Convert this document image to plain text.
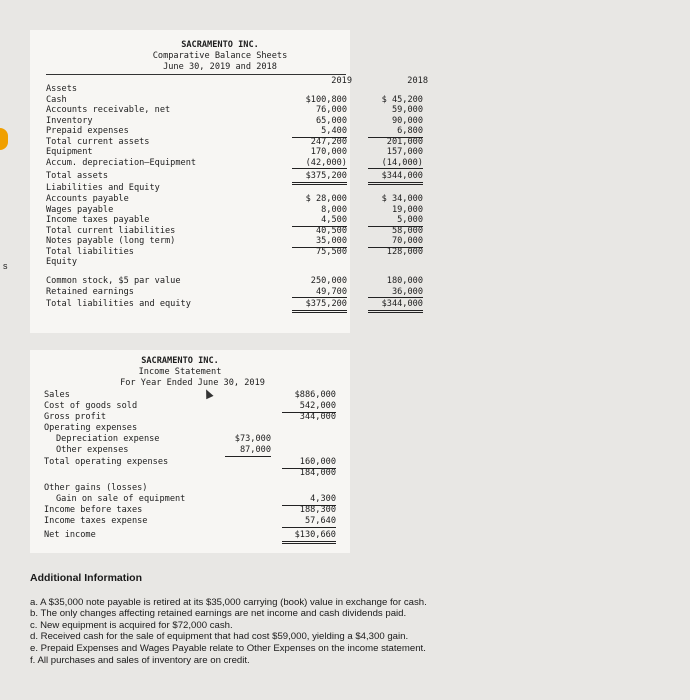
s
SACRAMENTO INC.
Comparative Balance Sheets
June 30, 2019 and 2018
2019	2018
Assets
Cash	$100,800	$ 45,200
Accounts receivable, net	76,000	59,000
Inventory	65,000	90,000
Prepaid expenses	5,400	6,800
Total current assets	247,200	201,000
Equipment	170,000	157,000
Accum. depreciation—Equipment	(42,000)	(14,000)
Total assets	$375,200	$344,000
Liabilities and Equity
Accounts payable	$ 28,000	$ 34,000
Wages payable	8,000	19,000
Income taxes payable	4,500	5,000
Total current liabilities	40,500	58,000
Notes payable (long term)	35,000	70,000
Total liabilities	75,500	128,000
Equity
Common stock, $5 par value	250,000	180,000
Retained earnings	49,700	36,000
Total liabilities and equity	$375,200	$344,000
SACRAMENTO INC.
Income Statement
For Year Ended June 30, 2019
Sales	$886,000
Cost of goods sold	542,000
Gross profit	344,000
Operating expenses
Depreciation expense	$73,000
Other expenses	87,000
Total operating expenses	160,000
184,000
Other gains (losses)
Gain on sale of equipment	4,300
Income before taxes	188,300
Income taxes expense	57,640
Net income	$130,660
Additional Information

a. A $35,000 note payable is retired at its $35,000 carrying (book) value in exchange for cash.

b. The only changes affecting retained earnings are net income and cash dividends paid.

c. New equipment is acquired for $72,000 cash.

d. Received cash for the sale of equipment that had cost $59,000, yielding a $4,300 gain.

e. Prepaid Expenses and Wages Payable relate to Other Expenses on the income statement.

f. All purchases and sales of inventory are on credit.
